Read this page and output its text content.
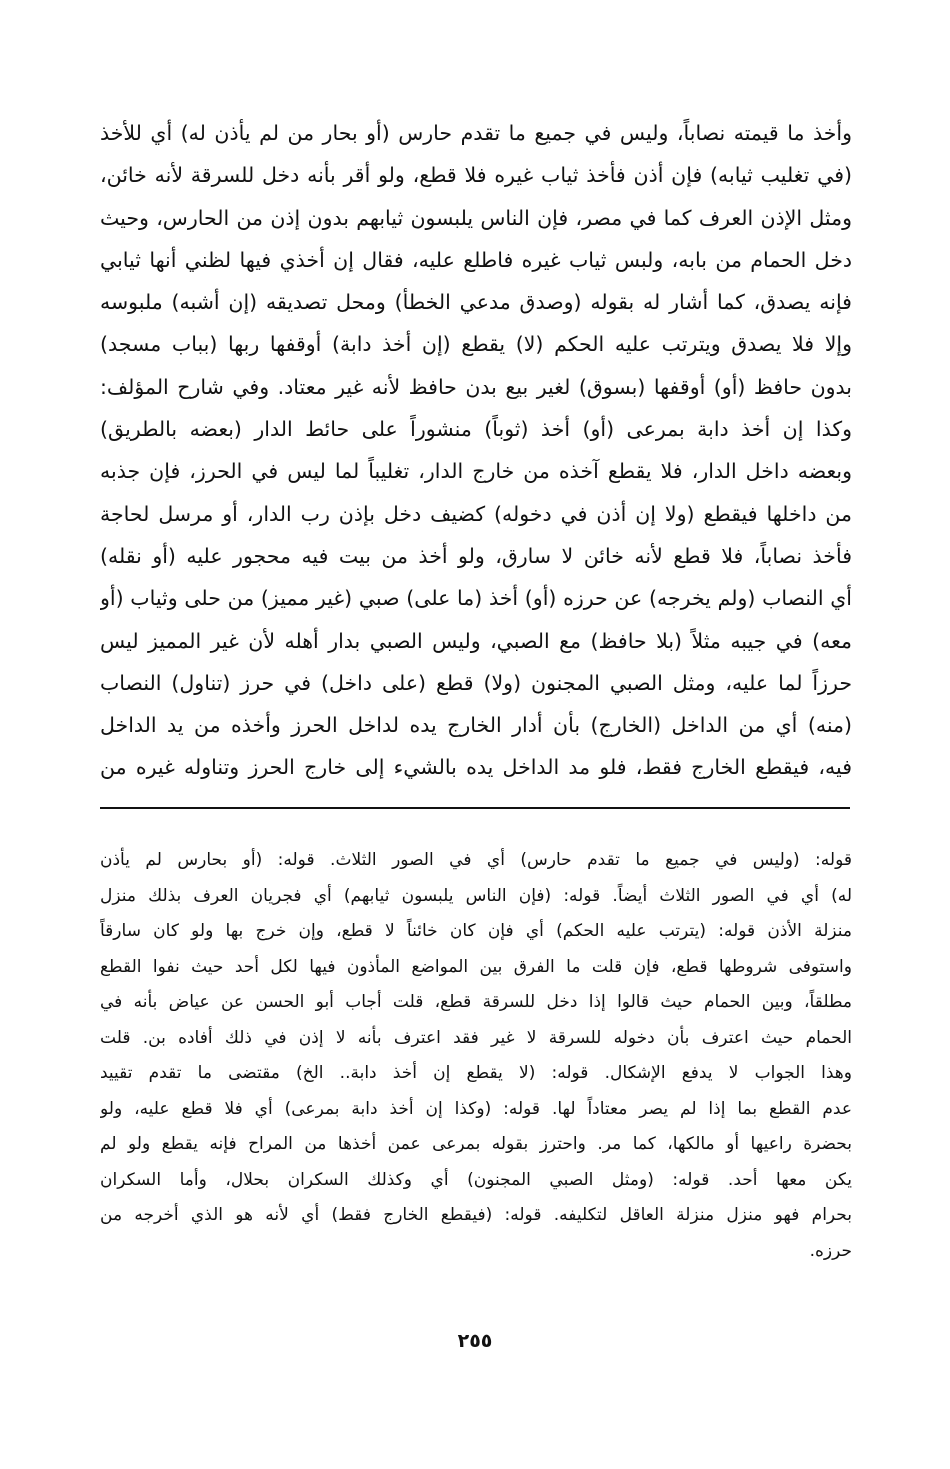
وأخذ ما قيمته نصاباً، وليس في جميع ما تقدم حارس (أو بحار من لم يأذن له) أي للأخذ
(في تغليب ثيابه) فإن أذن فأخذ ثياب غيره فلا قطع، ولو أقر بأنه دخل للسرقة لأنه خائن،
ومثل الإذن العرف كما في مصر، فإن الناس يلبسون ثيابهم بدون إذن من الحارس، وحيث
دخل الحمام من بابه، ولبس ثياب غيره فاطلع عليه، فقال إن أخذي فيها لظني أنها ثيابي
فإنه يصدق، كما أشار له بقوله (وصدق مدعي الخطأ) ومحل تصديقه (إن أشبه) ملبوسه
وإلا فلا يصدق ويترتب عليه الحكم (لا) يقطع (إن أخذ دابة) أوقفها ربها (بباب مسجد)
بدون حافظ (أو) أوقفها (بسوق) لغير بيع بدن حافظ لأنه غير معتاد. وفي شارح المؤلف:
وكذا إن أخذ دابة بمرعى (أو) أخذ (ثوباً) منشوراً على حائط الدار (بعضه بالطريق)
وبعضه داخل الدار، فلا يقطع آخذه من خارج الدار، تغليباً لما ليس في الحرز، فإن جذبه
من داخلها فيقطع (ولا إن أذن في دخوله) كضيف دخل بإذن رب الدار، أو مرسل لحاجة
فأخذ نصاباً، فلا قطع لأنه خائن لا سارق، ولو أخذ من بيت فيه محجور عليه (أو نقله)
أي النصاب (ولم يخرجه) عن حرزه (أو) أخذ (ما على) صبي (غير مميز) من حلى وثياب (أو
معه) في جيبه مثلاً (بلا حافظ) مع الصبي، وليس الصبي بدار أهله لأن غير المميز ليس
حرزاً لما عليه، ومثل الصبي المجنون (ولا) قطع (على داخل) في حرز (تناول) النصاب
(منه) أي من الداخل (الخارج) بأن أدار الخارج يده لداخل الحرز وأخذه من يد الداخل
فيه، فيقطع الخارج فقط، فلو مد الداخل يده بالشيء إلى خارج الحرز وتناوله غيره من
قوله: (وليس في جميع ما تقدم حارس) أي في الصور الثلاث. قوله: (أو بحارس لم يأذن
له) أي في الصور الثلاث أيضاً. قوله: (فإن الناس يلبسون ثيابهم) أي فجريان العرف بذلك منزل
منزلة الأذن قوله: (يترتب عليه الحكم) أي فإن كان خائناً لا قطع، وإن خرج بها ولو كان سارقاً
واستوفى شروطها قطع، فإن قلت ما الفرق بين المواضع المأذون فيها لكل أحد حيث نفوا القطع
مطلقاً، وبين الحمام حيث قالوا إذا دخل للسرقة قطع، قلت أجاب أبو الحسن عن عياض بأنه في
الحمام حيث اعترف بأن دخوله للسرقة لا غير فقد اعترف بأنه لا إذن في ذلك أفاده بن. قلت
وهذا الجواب لا يدفع الإشكال. قوله: (لا يقطع إن أخذ دابة.. الخ) مقتضى ما تقدم تقييد
عدم القطع بما إذا لم يصر معتاداً لها. قوله: (وكذا إن أخذ دابة بمرعى) أي فلا قطع عليه، ولو
بحضرة راعيها أو مالكها، كما مر. واحترز بقوله بمرعى عمن أخذها من المراح فإنه يقطع ولو لم
يكن معها أحد. قوله: (ومثل الصبي المجنون) أي وكذلك السكران بحلال، وأما السكران
بحرام فهو منزل منزلة العاقل لتكليفه. قوله: (فيقطع الخارج فقط) أي لأنه هو الذي أخرجه من
حرزه.
٢٥٥
